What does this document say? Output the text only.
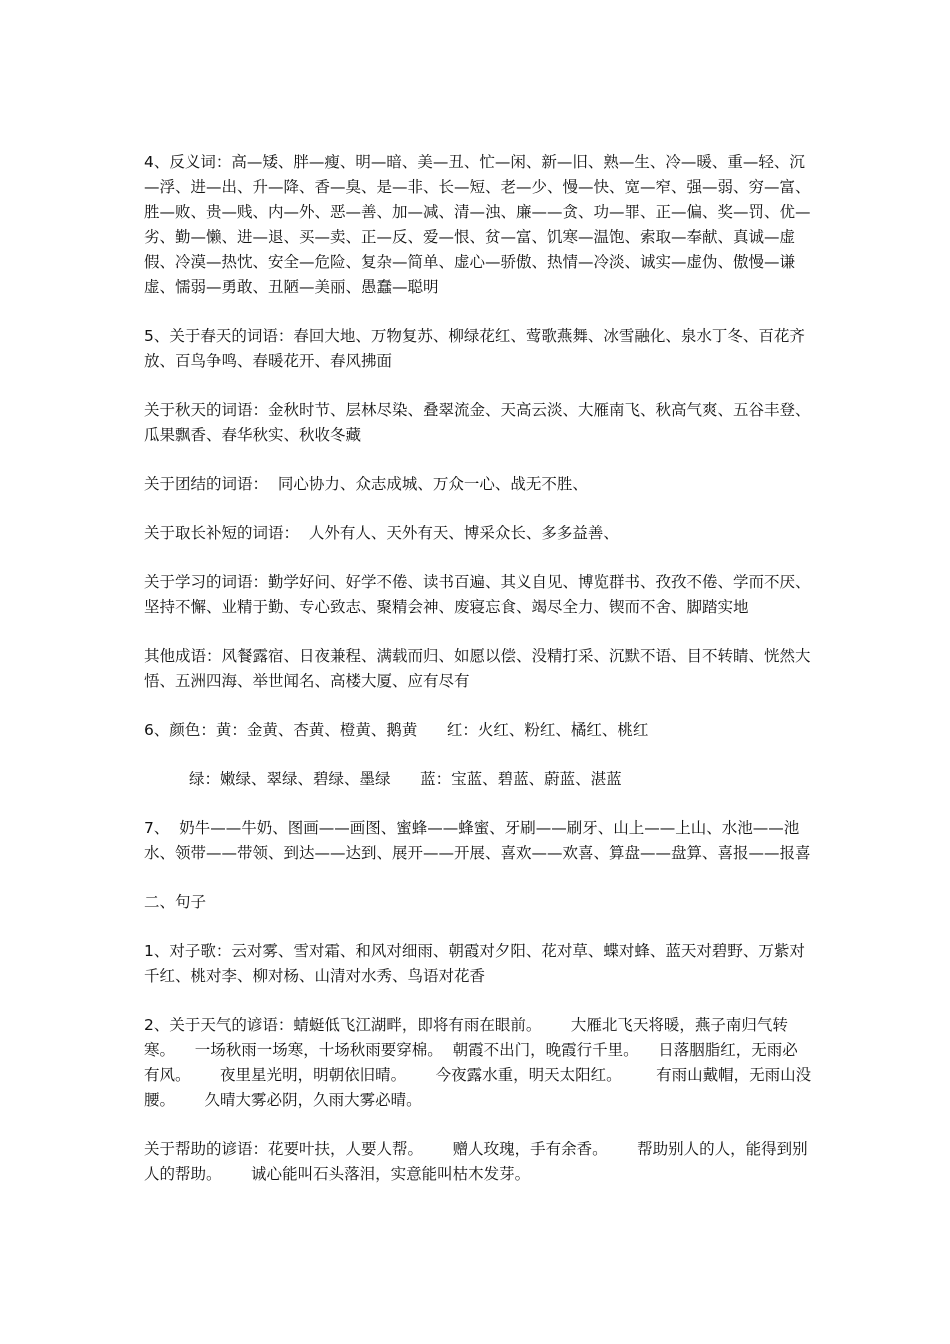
4、反义词：高—矮、胖—瘦、明—暗、美—丑、忙—闲、新—旧、熟—生、冷—暖、重—轻、沉—浮、进—出、升—降、香—臭、是—非、长—短、老—少、慢—快、宽—窄、强—弱、穷—富、胜—败、贵—贱、内—外、恶—善、加—减、清—浊、廉——贪、功—罪、正—偏、奖—罚、优—劣、勤—懒、进—退、买—卖、正—反、爱—恨、贫—富、饥寒—温饱、索取—奉献、真诚—虚假、冷漠—热忱、安全—危险、复杂—简单、虚心—骄傲、热情—冷淡、诚实—虚伪、傲慢—谦虚、懦弱—勇敢、丑陋—美丽、愚蠢—聪明

5、关于春天的词语：春回大地、万物复苏、柳绿花红、莺歌燕舞、冰雪融化、泉水丁冬、百花齐放、百鸟争鸣、春暖花开、春风拂面

关于秋天的词语：金秋时节、层林尽染、叠翠流金、天高云淡、大雁南飞、秋高气爽、五谷丰登、瓜果飘香、春华秋实、秋收冬藏

关于团结的词语：  同心协力、众志成城、万众一心、战无不胜、

关于取长补短的词语：  人外有人、天外有天、博采众长、多多益善、

关于学习的词语：勤学好问、好学不倦、读书百遍、其义自见、博览群书、孜孜不倦、学而不厌、坚持不懈、业精于勤、专心致志、聚精会神、废寝忘食、竭尽全力、锲而不舍、脚踏实地

其他成语：风餐露宿、日夜兼程、满载而归、如愿以偿、没精打采、沉默不语、目不转睛、恍然大悟、五洲四海、举世闻名、高楼大厦、应有尽有

6、颜色：黄：金黄、杏黄、橙黄、鹅黄      红：火红、粉红、橘红、桃红

绿：嫩绿、翠绿、碧绿、墨绿      蓝：宝蓝、碧蓝、蔚蓝、湛蓝

7、  奶牛——牛奶、图画——画图、蜜蜂——蜂蜜、牙刷——刷牙、山上——上山、水池——池水、领带——带领、到达——达到、展开——开展、喜欢——欢喜、算盘——盘算、喜报——报喜

二、句子

1、对子歌：云对雾、雪对霜、和风对细雨、朝霞对夕阳、花对草、蝶对蜂、蓝天对碧野、万紫对千红、桃对李、柳对杨、山清对水秀、鸟语对花香

2、关于天气的谚语：蜻蜓低飞江湖畔，即将有雨在眼前。      大雁北飞天将暖，燕子南归气转寒。    一场秋雨一场寒，十场秋雨要穿棉。  朝霞不出门，晚霞行千里。    日落胭脂红，无雨必有风。      夜里星光明，明朝依旧晴。      今夜露水重，明天太阳红。       有雨山戴帽，无雨山没腰。      久晴大雾必阴，久雨大雾必晴。

关于帮助的谚语：花要叶扶，人要人帮。      赠人玫瑰，手有余香。      帮助别人的人，能得到别人的帮助。      诚心能叫石头落泪，实意能叫枯木发芽。
